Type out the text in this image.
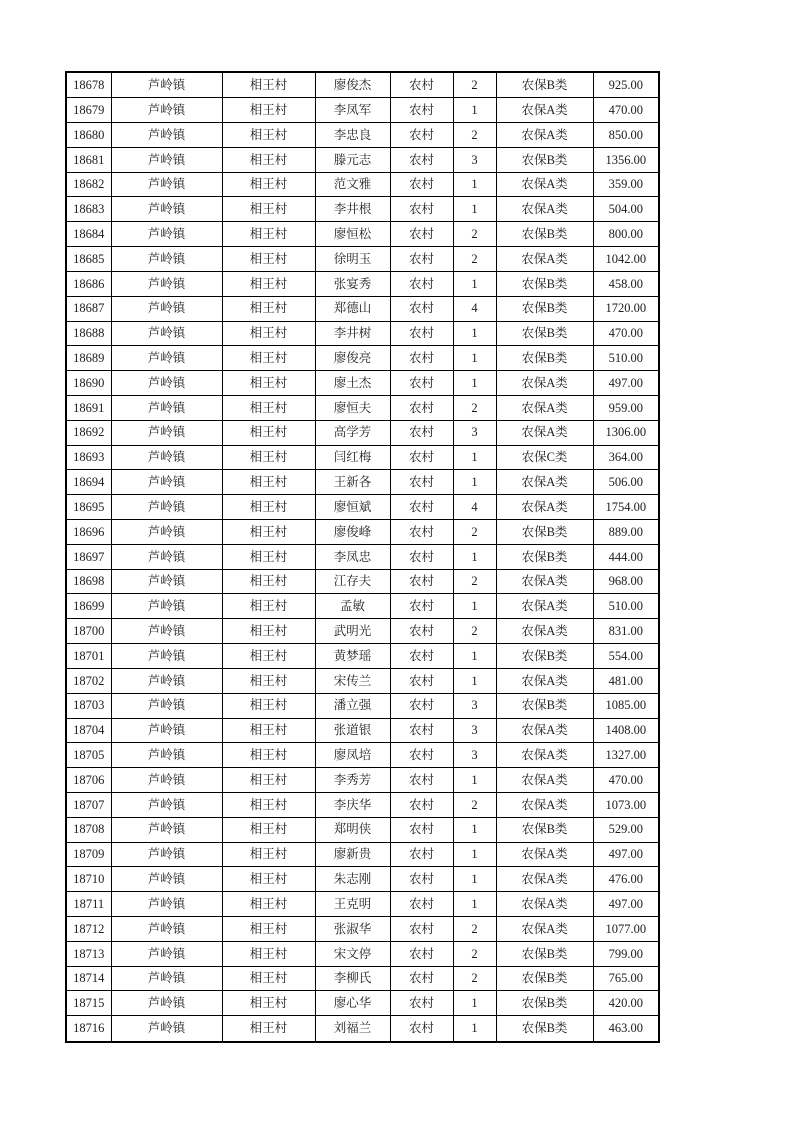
18678	芦岭镇	相王村	廖俊杰	农村	2	农保B类	925.00
18679	芦岭镇	相王村	李凤军	农村	1	农保A类	470.00
18680	芦岭镇	相王村	李忠良	农村	2	农保A类	850.00
18681	芦岭镇	相王村	滕元志	农村	3	农保B类	1356.00
18682	芦岭镇	相王村	范文雅	农村	1	农保A类	359.00
18683	芦岭镇	相王村	李井根	农村	1	农保A类	504.00
18684	芦岭镇	相王村	廖恒松	农村	2	农保B类	800.00
18685	芦岭镇	相王村	徐明玉	农村	2	农保A类	1042.00
18686	芦岭镇	相王村	张宴秀	农村	1	农保B类	458.00
18687	芦岭镇	相王村	郑德山	农村	4	农保B类	1720.00
18688	芦岭镇	相王村	李井树	农村	1	农保B类	470.00
18689	芦岭镇	相王村	廖俊亮	农村	1	农保B类	510.00
18690	芦岭镇	相王村	廖土杰	农村	1	农保A类	497.00
18691	芦岭镇	相王村	廖恒夫	农村	2	农保A类	959.00
18692	芦岭镇	相王村	高学芳	农村	3	农保A类	1306.00
18693	芦岭镇	相王村	闫红梅	农村	1	农保C类	364.00
18694	芦岭镇	相王村	王新各	农村	1	农保A类	506.00
18695	芦岭镇	相王村	廖恒斌	农村	4	农保A类	1754.00
18696	芦岭镇	相王村	廖俊峰	农村	2	农保B类	889.00
18697	芦岭镇	相王村	李凤忠	农村	1	农保B类	444.00
18698	芦岭镇	相王村	江存夫	农村	2	农保A类	968.00
18699	芦岭镇	相王村	孟敏	农村	1	农保A类	510.00
18700	芦岭镇	相王村	武明光	农村	2	农保A类	831.00
18701	芦岭镇	相王村	黄梦瑶	农村	1	农保B类	554.00
18702	芦岭镇	相王村	宋传兰	农村	1	农保A类	481.00
18703	芦岭镇	相王村	潘立强	农村	3	农保B类	1085.00
18704	芦岭镇	相王村	张道银	农村	3	农保A类	1408.00
18705	芦岭镇	相王村	廖凤培	农村	3	农保A类	1327.00
18706	芦岭镇	相王村	李秀芳	农村	1	农保A类	470.00
18707	芦岭镇	相王村	李庆华	农村	2	农保A类	1073.00
18708	芦岭镇	相王村	郑明侠	农村	1	农保B类	529.00
18709	芦岭镇	相王村	廖新贵	农村	1	农保A类	497.00
18710	芦岭镇	相王村	朱志刚	农村	1	农保A类	476.00
18711	芦岭镇	相王村	王克明	农村	1	农保A类	497.00
18712	芦岭镇	相王村	张淑华	农村	2	农保A类	1077.00
18713	芦岭镇	相王村	宋文停	农村	2	农保B类	799.00
18714	芦岭镇	相王村	李柳氏	农村	2	农保B类	765.00
18715	芦岭镇	相王村	廖心华	农村	1	农保B类	420.00
18716	芦岭镇	相王村	刘福兰	农村	1	农保B类	463.00
